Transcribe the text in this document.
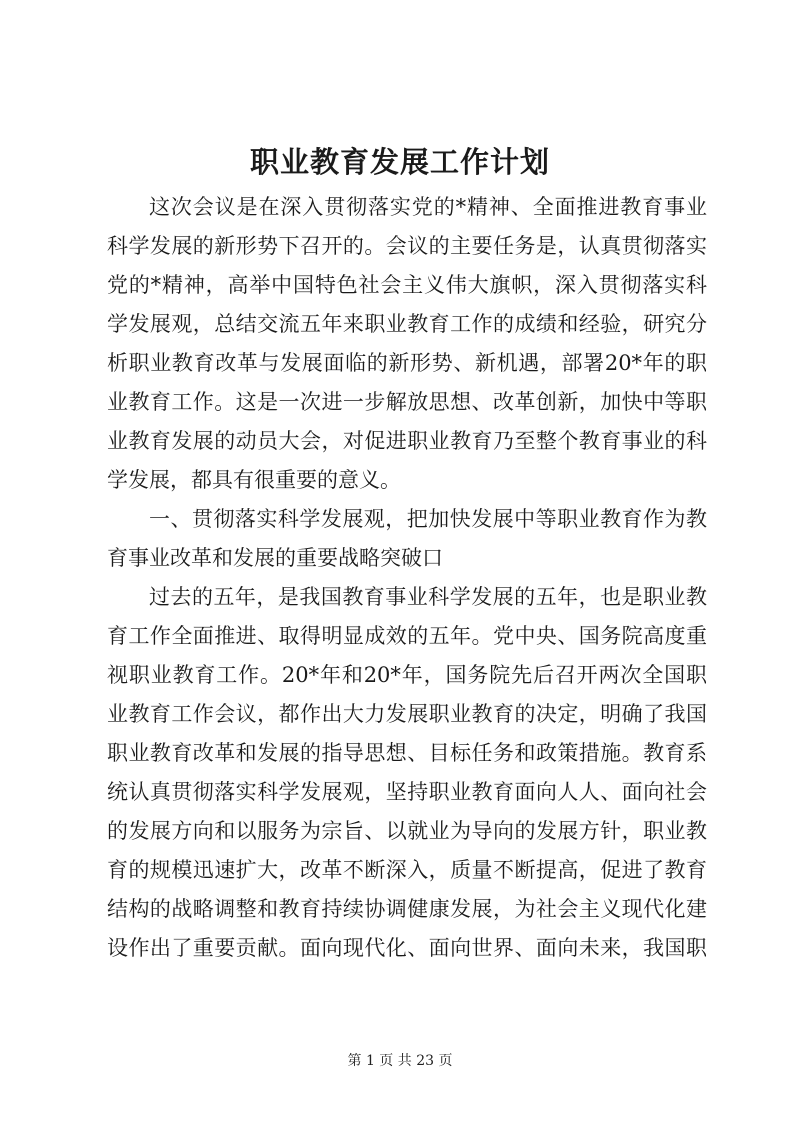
职业教育发展工作计划
这次会议是在深入贯彻落实党的*精神、全面推进教育事业
科学发展的新形势下召开的。会议的主要任务是，认真贯彻落实
党的*精神，高举中国特色社会主义伟大旗帜，深入贯彻落实科
学发展观，总结交流五年来职业教育工作的成绩和经验，研究分
析职业教育改革与发展面临的新形势、新机遇，部署20*年的职
业教育工作。这是一次进一步解放思想、改革创新，加快中等职
业教育发展的动员大会，对促进职业教育乃至整个教育事业的科
学发展，都具有很重要的意义。
一、贯彻落实科学发展观，把加快发展中等职业教育作为教
育事业改革和发展的重要战略突破口
过去的五年，是我国教育事业科学发展的五年，也是职业教
育工作全面推进、取得明显成效的五年。党中央、国务院高度重
视职业教育工作。20*年和20*年，国务院先后召开两次全国职
业教育工作会议，都作出大力发展职业教育的决定，明确了我国
职业教育改革和发展的指导思想、目标任务和政策措施。教育系
统认真贯彻落实科学发展观，坚持职业教育面向人人、面向社会
的发展方向和以服务为宗旨、以就业为导向的发展方针，职业教
育的规模迅速扩大，改革不断深入，质量不断提高，促进了教育
结构的战略调整和教育持续协调健康发展，为社会主义现代化建
设作出了重要贡献。面向现代化、面向世界、面向未来，我国职
第 1 页 共 23 页
